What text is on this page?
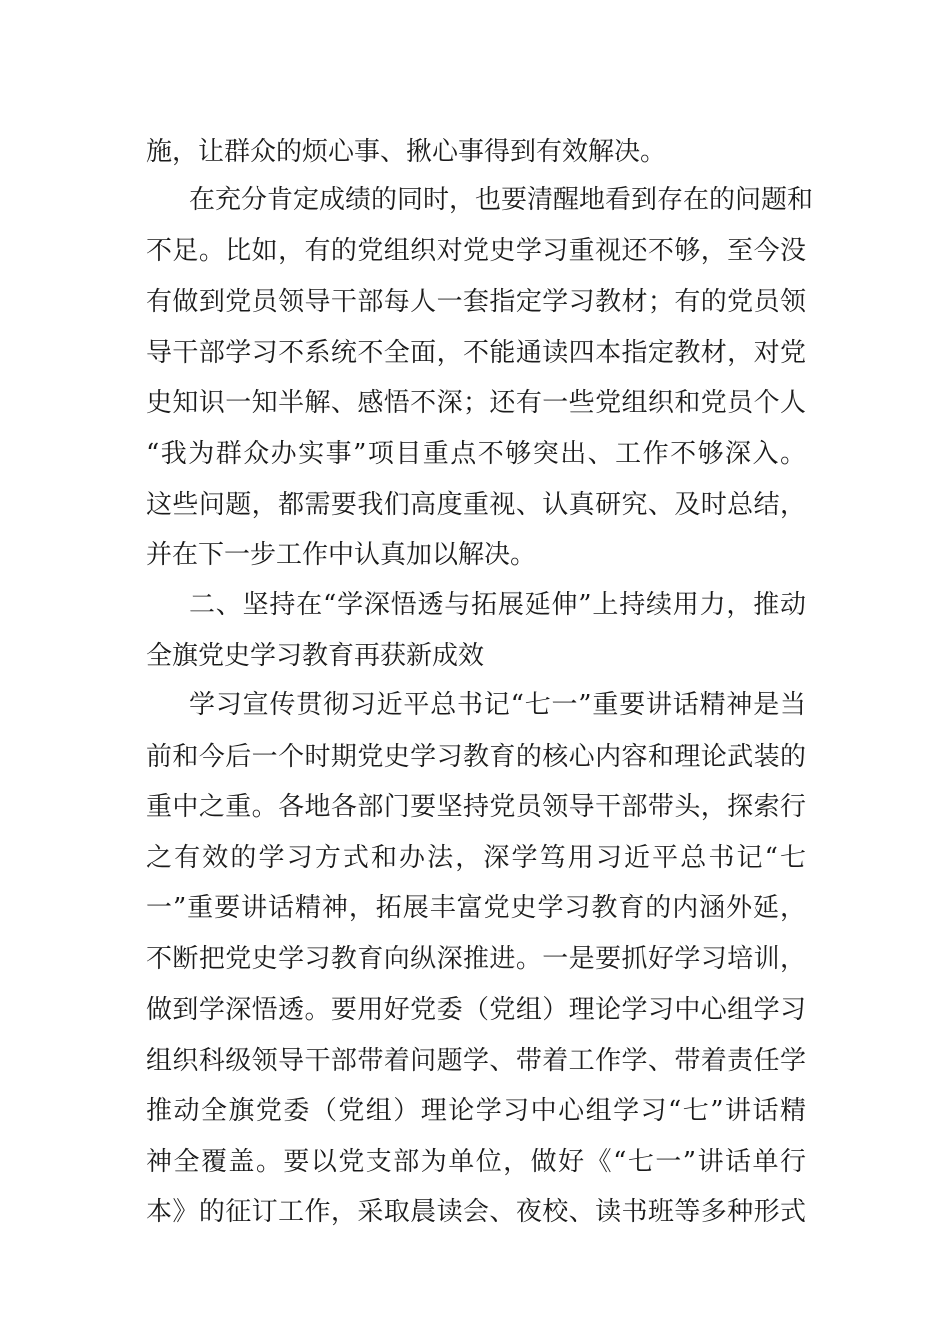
施，让群众的烦心事、揪心事得到有效解决。
在充分肯定成绩的同时，也要清醒地看到存在的问题和
不足。比如，有的党组织对党史学习重视还不够，至今没
有做到党员领导干部每人一套指定学习教材；有的党员领
导干部学习不系统不全面，不能通读四本指定教材，对党
史知识一知半解、感悟不深；还有一些党组织和党员个人
“我为群众办实事”项目重点不够突出、工作不够深入。
这些问题，都需要我们高度重视、认真研究、及时总结，
并在下一步工作中认真加以解决。
二、坚持在“学深悟透与拓展延伸”上持续用力，推动
全旗党史学习教育再获新成效
学习宣传贯彻习近平总书记“七一”重要讲话精神是当
前和今后一个时期党史学习教育的核心内容和理论武装的
重中之重。各地各部门要坚持党员领导干部带头，探索行
之有效的学习方式和办法，深学笃用习近平总书记“七
一”重要讲话精神，拓展丰富党史学习教育的内涵外延，
不断把党史学习教育向纵深推进。一是要抓好学习培训，
做到学深悟透。要用好党委（党组）理论学习中心组学习
组织科级领导干部带着问题学、带着工作学、带着责任学
推动全旗党委（党组）理论学习中心组学习“七”讲话精
神全覆盖。要以党支部为单位，做好《“七一”讲话单行
本》的征订工作，采取晨读会、夜校、读书班等多种形式
